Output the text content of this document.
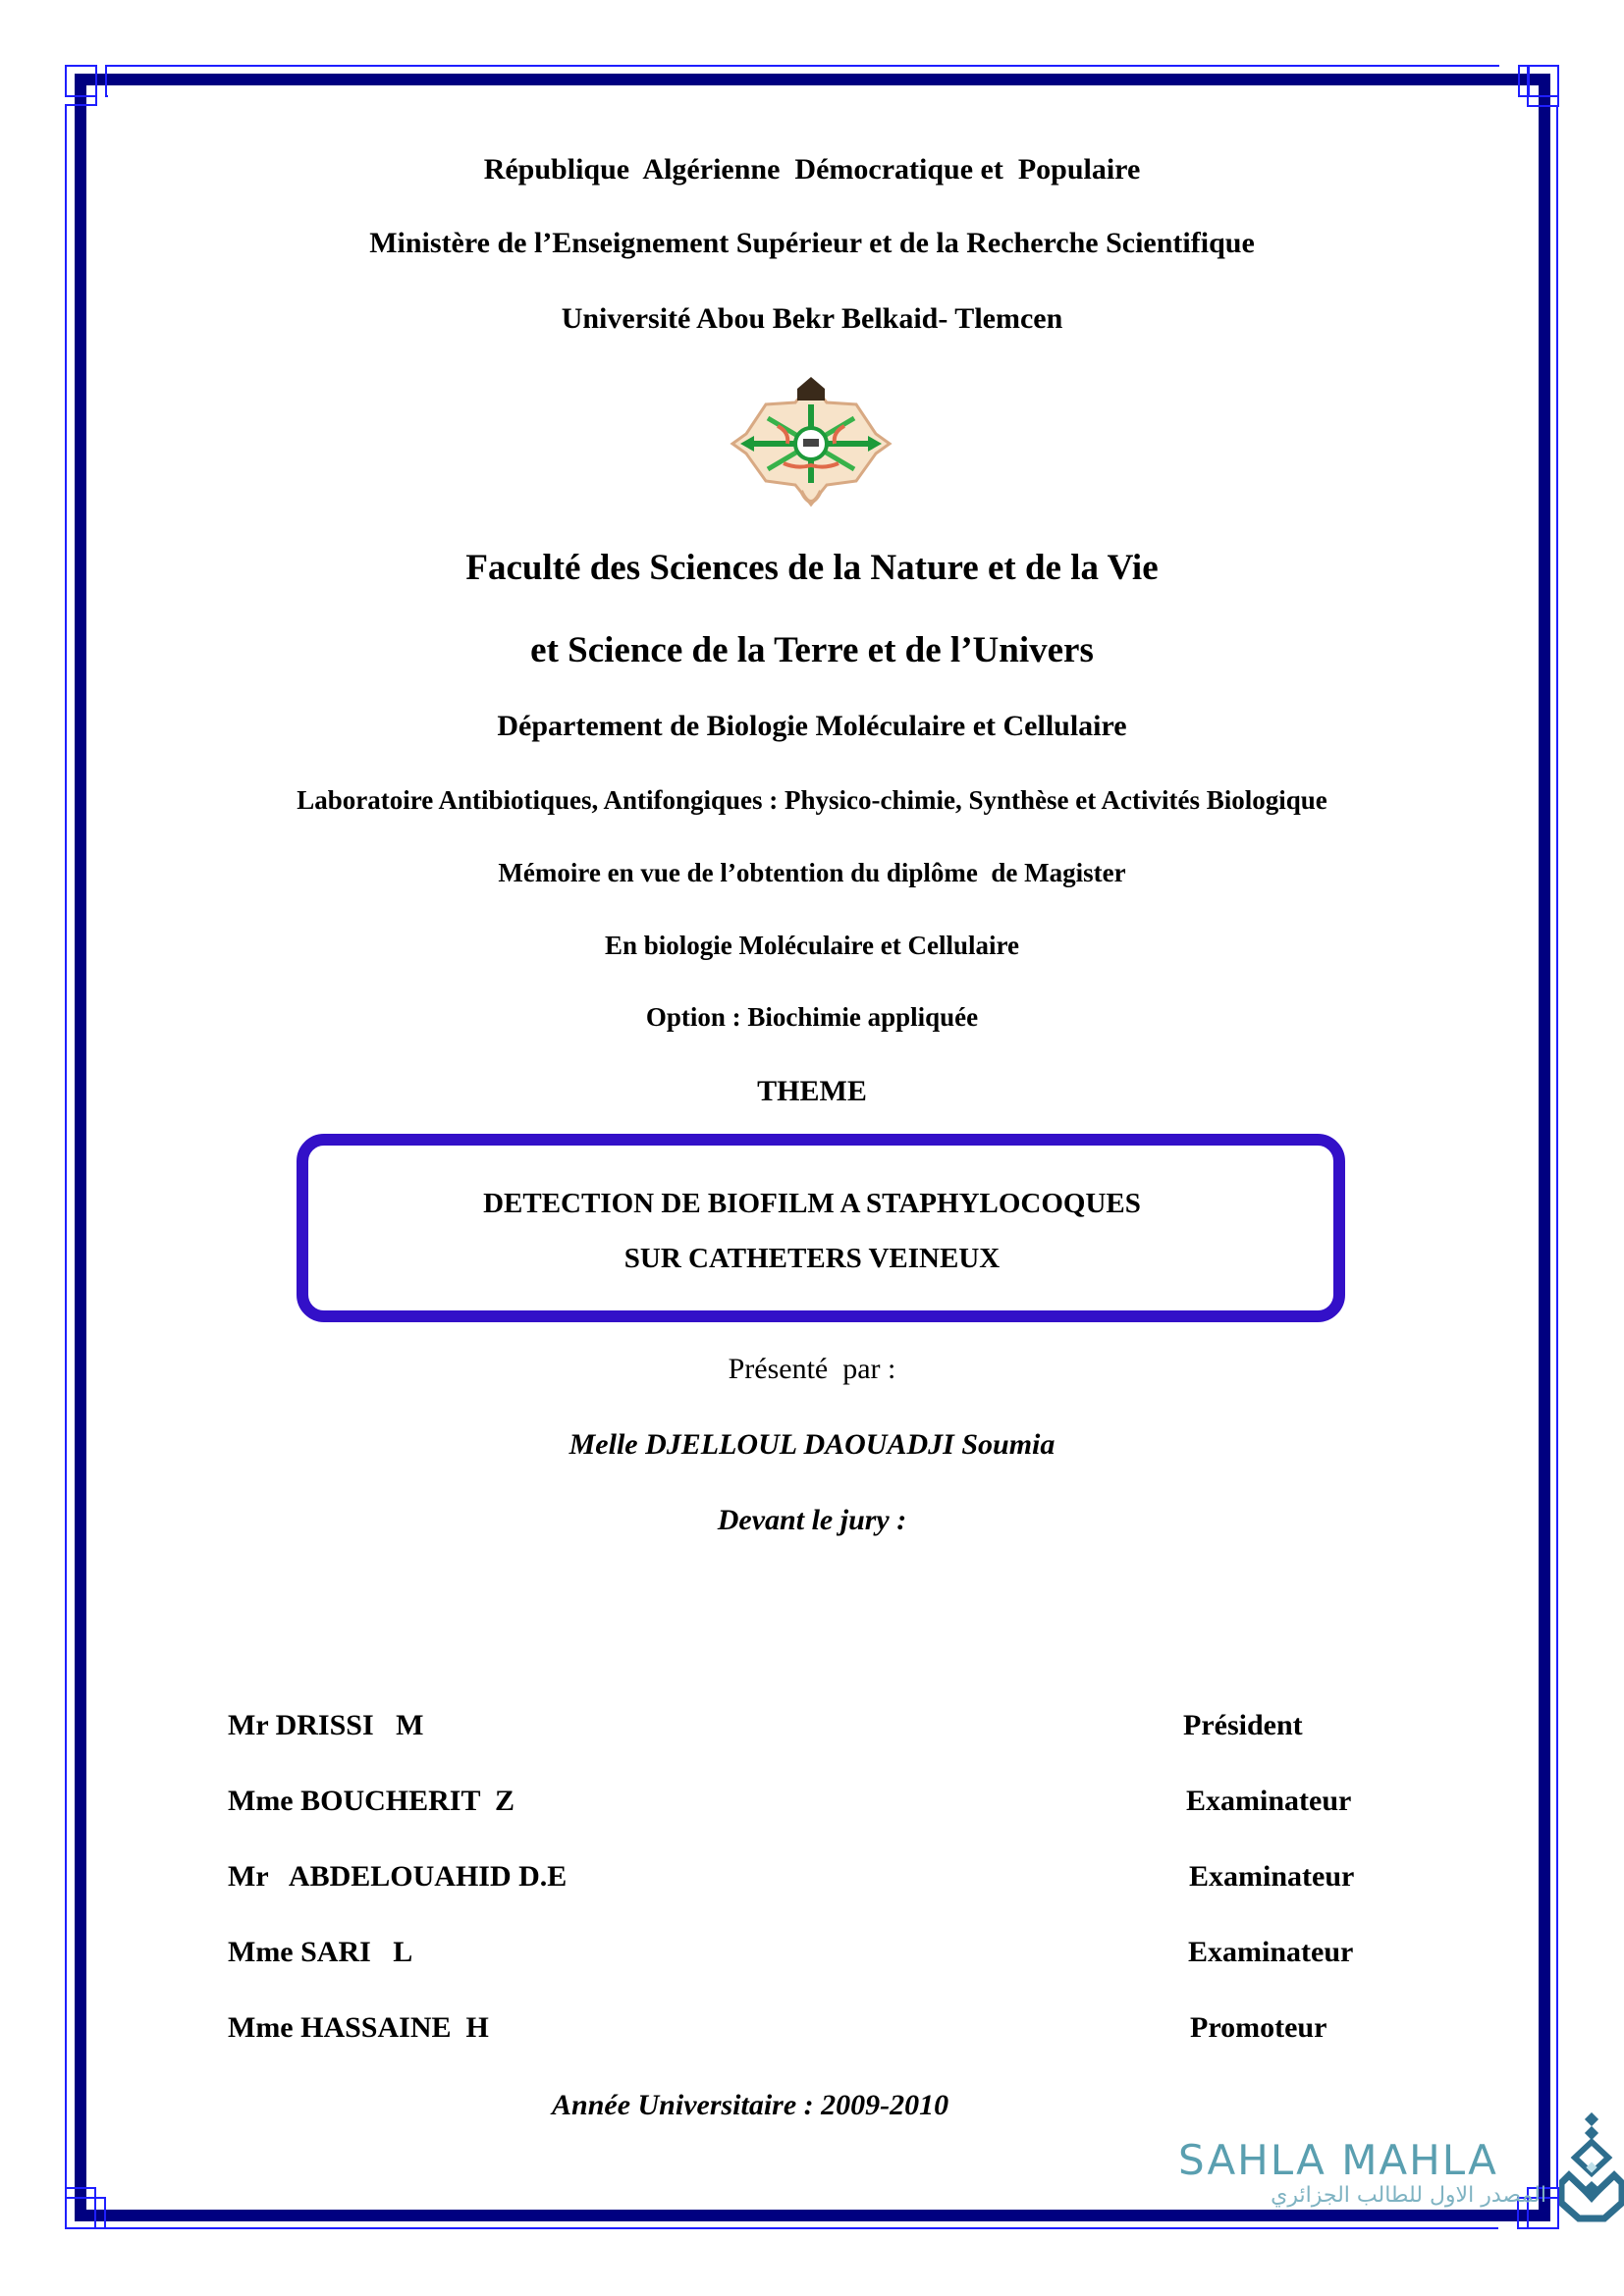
République  Algérienne  Démocratique et  Populaire
Ministère de l’Enseignement Supérieur et de la Recherche Scientifique
Université Abou Bekr Belkaid- Tlemcen
Faculté des Sciences de la Nature et de la Vie
et Science de la Terre et de l’Univers
Département de Biologie Moléculaire et Cellulaire
Laboratoire Antibiotiques, Antifongiques : Physico-chimie, Synthèse et Activités Biologique
Mémoire en vue de l’obtention du diplôme  de Magister
En biologie Moléculaire et Cellulaire
Option : Biochimie appliquée
THEME
DETECTION DE BIOFILM A STAPHYLOCOQUES
SUR CATHETERS VEINEUX
Présenté  par :
Melle DJELLOUL DAOUADJI Soumia
Devant le jury :
Mr DRISSI   M	Président
Mme BOUCHERIT  Z	Examinateur
Mr   ABDELOUAHID D.E	Examinateur
Mme SARI   L	Examinateur
Mme HASSAINE  H	Promoteur
Année Universitaire : 2009-2010
SAHLA MAHLA
المصدر الاول للطالب الجزائري
